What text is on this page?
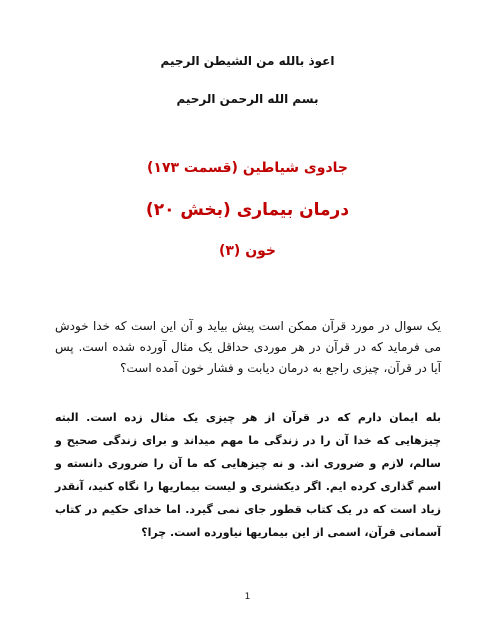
اعوذ بالله من الشیطن الرجیم
بسم الله الرحمن الرحیم
جادوی شیاطین (قسمت ۱۷۳)
درمان بیماری (بخش ۲۰)
خون (۳)

یک سوال در مورد قرآن ممکن است پیش بیاید و آن این است که خدا خودش می فرماید که در قرآن در هر موردی حداقل یک مثال آورده شده است. پس آیا در قرآن، چیزی راجع به درمان دیابت و فشار خون آمده است؟

بله ایمان دارم که در قرآن از هر چیزی یک مثال زده است. البته چیزهایی که خدا آن را در زندگی ما مهم میداند و برای زندگی صحیح و سالم، لازم و ضروری اند. و نه چیزهایی که ما آن را ضروری دانسته و اسم گذاری کرده ایم. اگر دیکشنری و لیست بیماریها را نگاه کنید، آنقدر زیاد است که در یک کتاب قطور جای نمی گیرد. اما خدای حکیم در کتاب آسمانی قرآن، اسمی از این بیماریها نیاورده است. چرا؟

1
